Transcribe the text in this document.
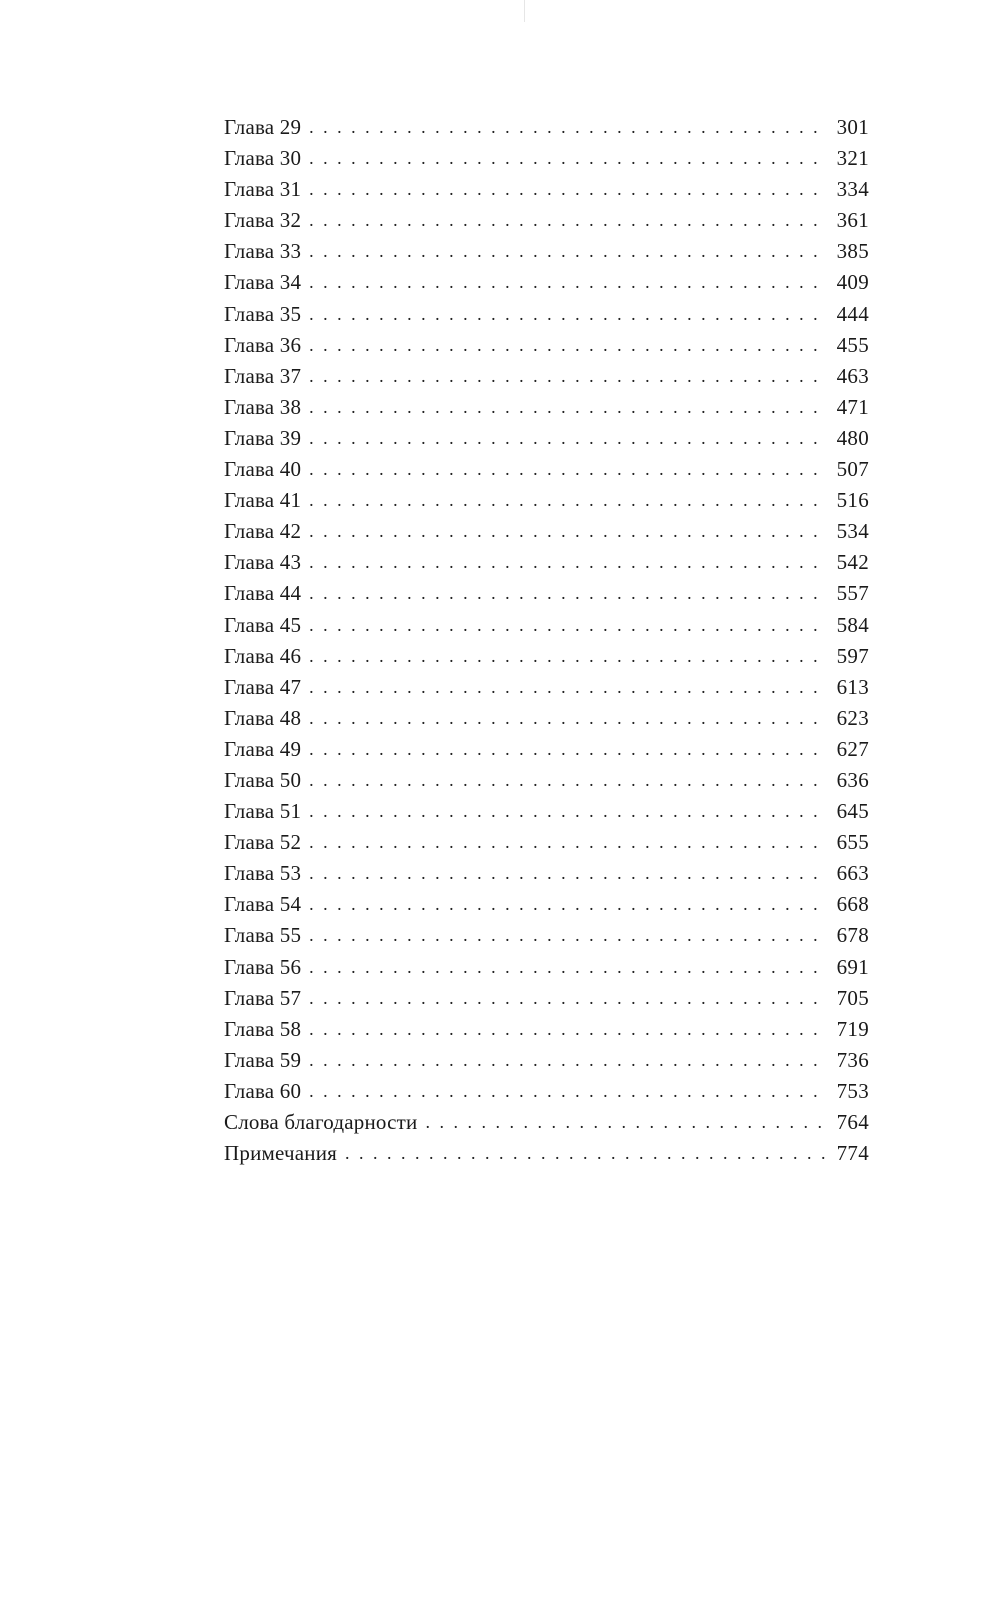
Глава 29 . . .	301
Глава 30 . . .	321
Глава 31 . . .	334
Глава 32 . . .	361
Глава 33 . . .	385
Глава 34 . . .	409
Глава 35 . . .	444
Глава 36 . . .	455
Глава 37 . . .	463
Глава 38 . . .	471
Глава 39 . . .	480
Глава 40 . . .	507
Глава 41 . . .	516
Глава 42 . . .	534
Глава 43 . . .	542
Глава 44 . . .	557
Глава 45 . . .	584
Глава 46 . . .	597
Глава 47 . . .	613
Глава 48 . . .	623
Глава 49 . . .	627
Глава 50 . . .	636
Глава 51 . . .	645
Глава 52 . . .	655
Глава 53 . . .	663
Глава 54 . . .	668
Глава 55 . . .	678
Глава 56 . . .	691
Глава 57 . . .	705
Глава 58 . . .	719
Глава 59 . . .	736
Глава 60 . . .	753
Слова благодарности . . .	764
Примечания . . .	774
